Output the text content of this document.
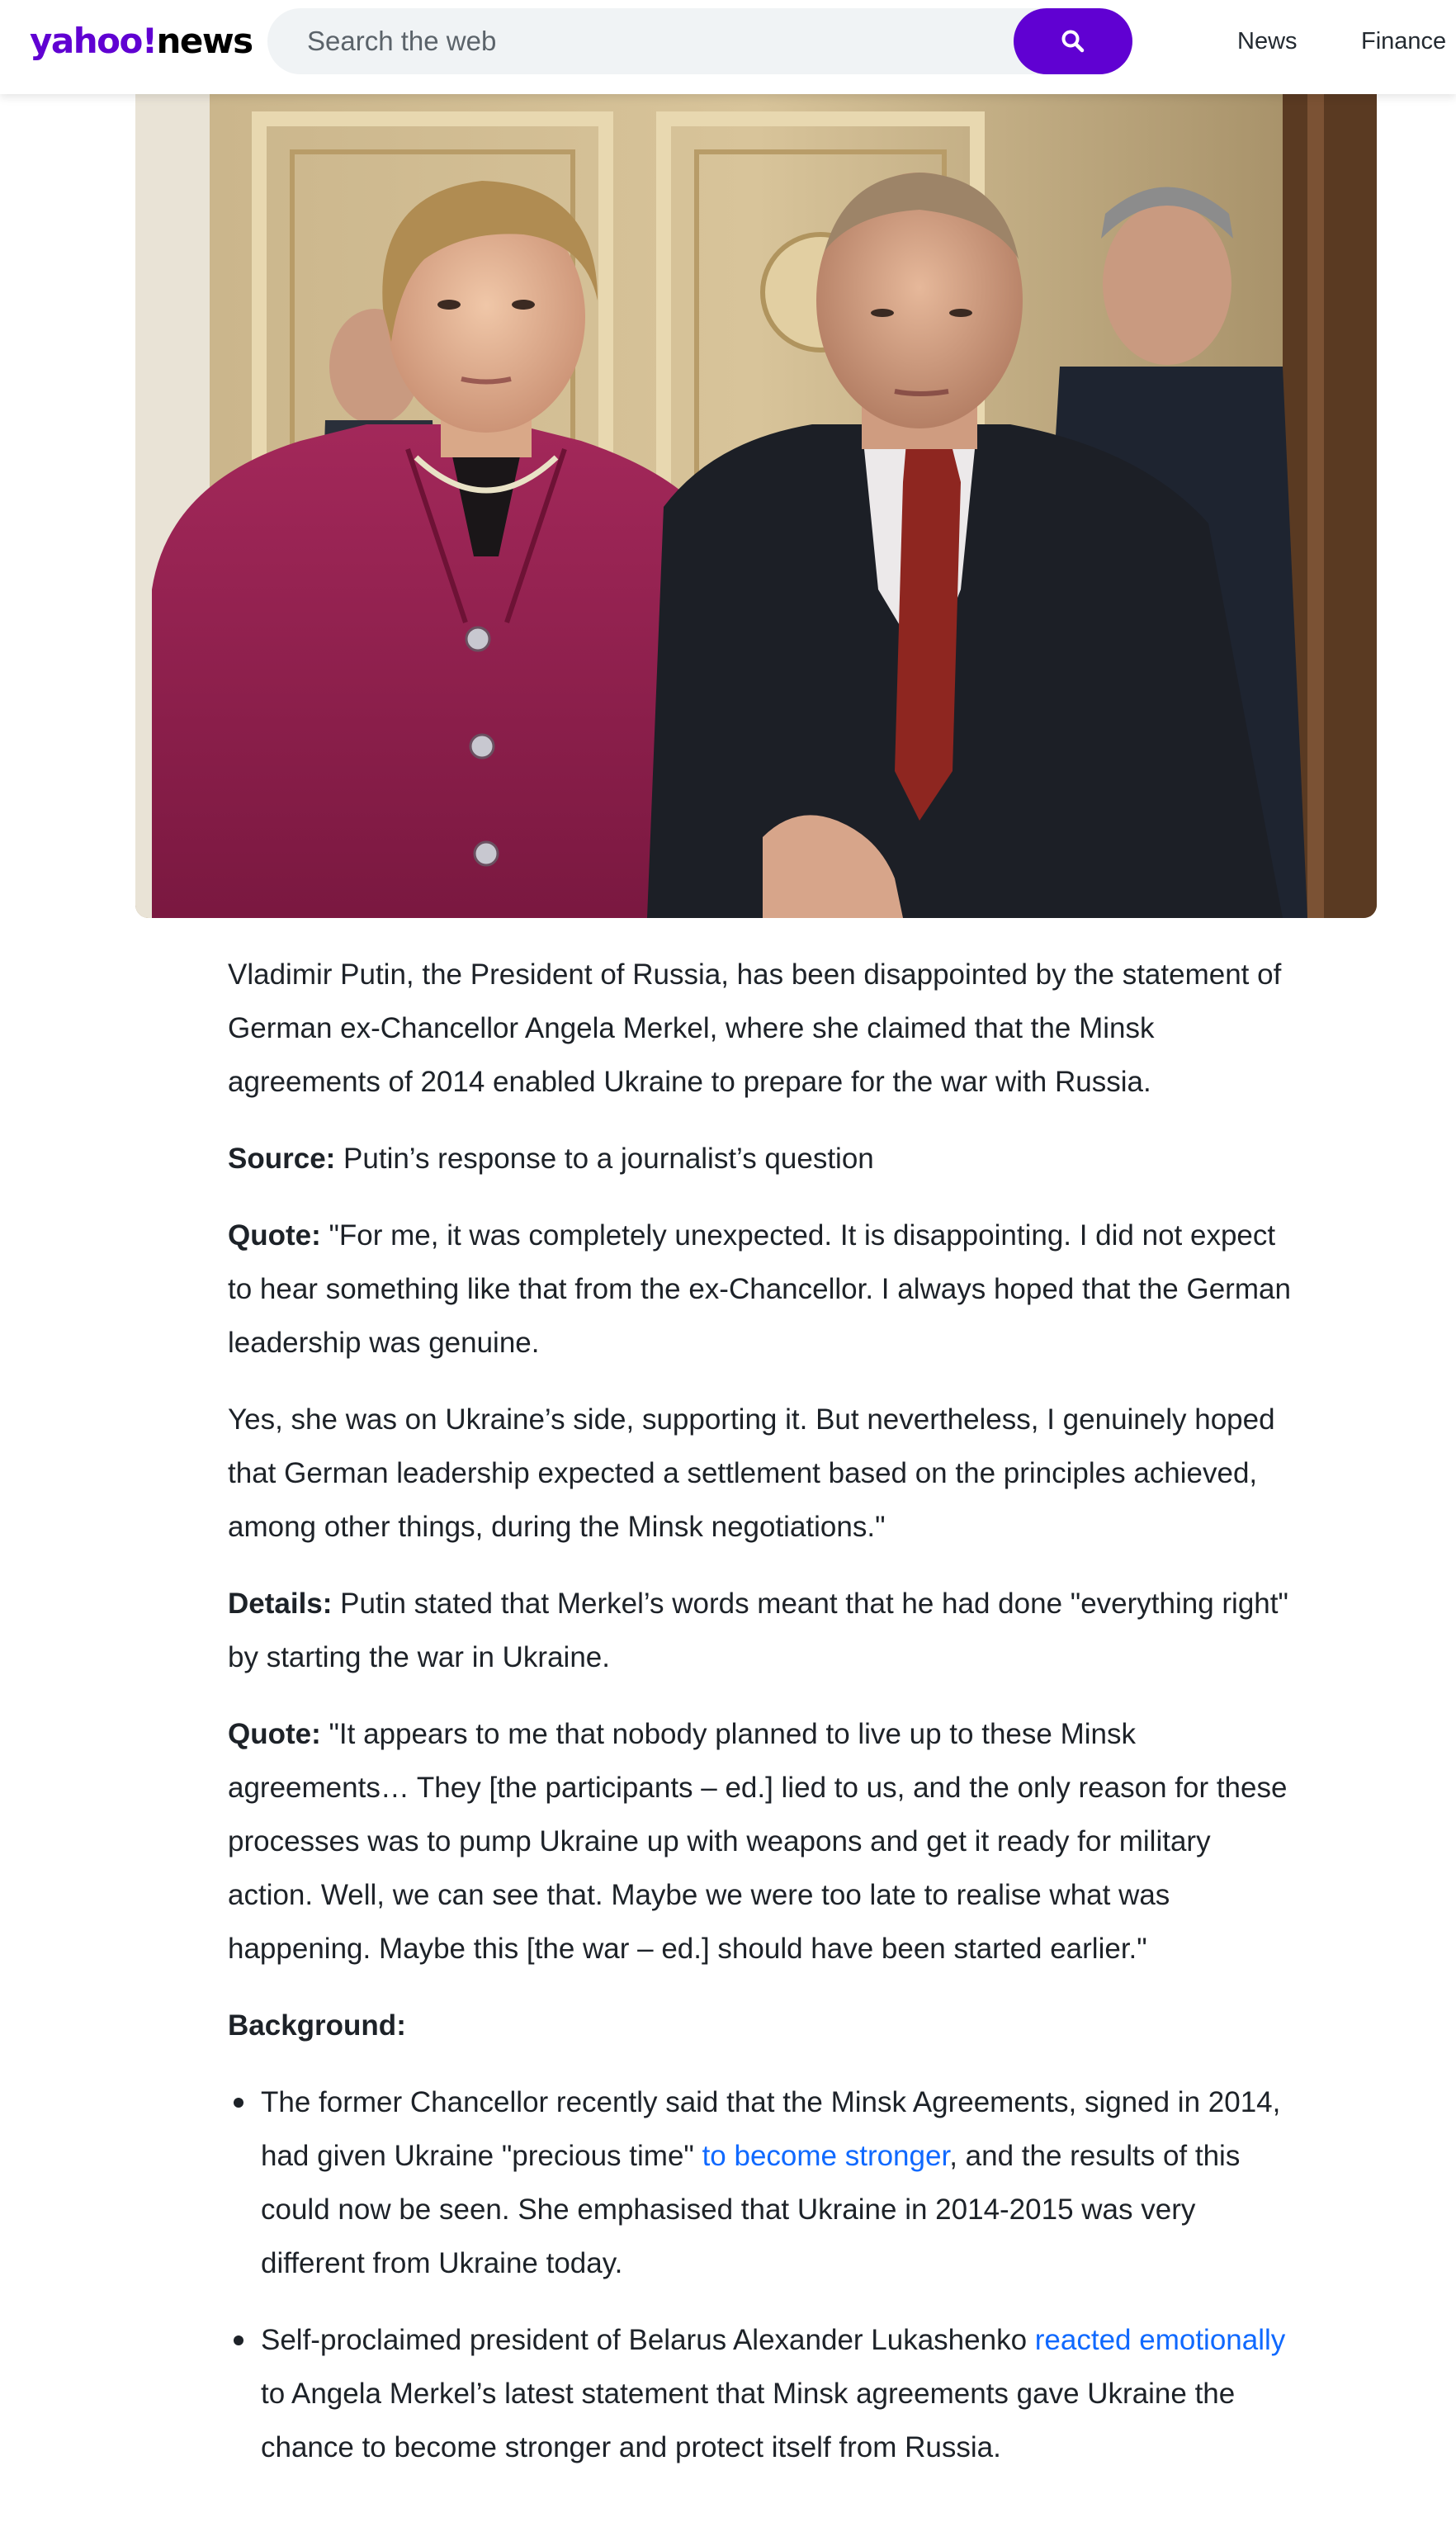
yahoo!news
Search the web	News	Finance

Vladimir Putin, the President of Russia, has been disappointed by the statement of German ex-Chancellor Angela Merkel, where she claimed that the Minsk agreements of 2014 enabled Ukraine to prepare for the war with Russia.

Source: Putin’s response to a journalist’s question

Quote: "For me, it was completely unexpected. It is disappointing. I did not expect to hear something like that from the ex-Chancellor. I always hoped that the German leadership was genuine.

Yes, she was on Ukraine’s side, supporting it. But nevertheless, I genuinely hoped that German leadership expected a settlement based on the principles achieved, among other things, during the Minsk negotiations."

Details: Putin stated that Merkel’s words meant that he had done "everything right" by starting the war in Ukraine.

Quote: "It appears to me that nobody planned to live up to these Minsk agreements… They [the participants – ed.] lied to us, and the only reason for these processes was to pump Ukraine up with weapons and get it ready for military action. Well, we can see that. Maybe we were too late to realise what was happening. Maybe this [the war – ed.] should have been started earlier."

Background:

The former Chancellor recently said that the Minsk Agreements, signed in 2014, had given Ukraine "precious time" to become stronger, and the results of this could now be seen. She emphasised that Ukraine in 2014-2015 was very different from Ukraine today.
Self-proclaimed president of Belarus Alexander Lukashenko reacted emotionally to Angela Merkel’s latest statement that Minsk agreements gave Ukraine the chance to become stronger and protect itself from Russia.
